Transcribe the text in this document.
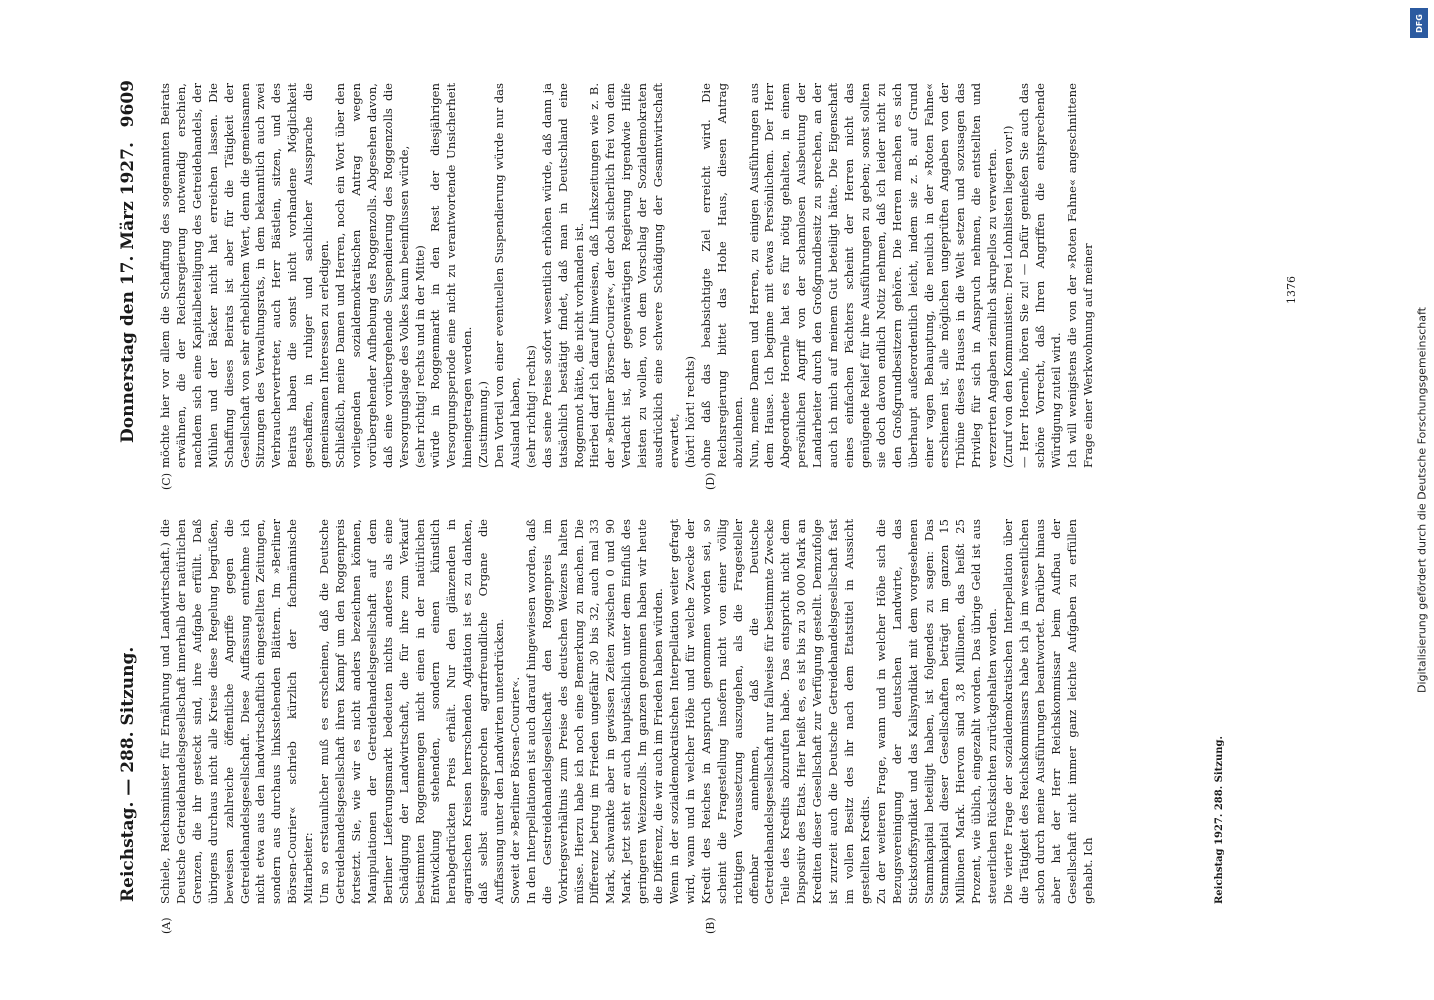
Reichstag. — 288. Sitzung.
Donnerstag den 17. März 1927.
9609
(A)	(B)
(C)	(D)

Schiele, Reichsminister für Ernährung und Landwirtschaft.) die Deutsche Getreidehandelsgesellschaft innerhalb der natürlichen Grenzen, die ihr gesteckt sind, ihre Aufgabe erfüllt. Daß übrigens durchaus nicht alle Kreise diese Regelung begrüßen, beweisen zahlreiche öffentliche Angriffe gegen die Getreidehandelsgesellschaft. Diese Auffassung entnehme ich nicht etwa aus den landwirtschaftlich eingestellten Zeitungen, sondern aus durchaus linksstehenden Blättern. Im »Berliner Börsen-Courier« schrieb kürzlich der fachmännische Mitarbeiter: Um so erstaunlicher muß es erscheinen, daß die Deutsche Getreidehandelsgesellschaft ihren Kampf um den Roggenpreis fortsetzt. Sie, wie wir es nicht anders bezeichnen können, Manipulationen der Getreidehandelsgesellschaft auf dem Berliner Lieferungsmarkt bedeuten nichts anderes als eine Schädigung der Landwirtschaft, die für ihre zum Verkauf bestimmten Roggenmengen nicht einen in der natürlichen Entwicklung stehenden, sondern einen künstlich herabgedrückten Preis erhält. Nur den glänzenden in agrarischen Kreisen herrschenden Agitation ist es zu danken, daß selbst ausgesprochen agrarfreundliche Organe die Auffassung unter den Landwirten unterdrücken. Soweit der »Berliner Börsen-Courier«. In den Interpellationen ist auch darauf hingewiesen worden, daß die Gestreidehandelsgesellschaft den Roggenpreis im Vorkriegsverhältnis zum Preise des deutschen Weizens halten müsse. Hierzu habe ich noch eine Bemerkung zu machen. Die Differenz betrug im Frieden ungefähr 30 bis 32, auch mal 33 Mark, schwankte aber in gewissen Zeiten zwischen 0 und 90 Mark. Jetzt steht er auch hauptsächlich unter dem Einfluß des geringeren Weizenzolls. Im ganzen genommen haben wir heute die Differenz, die wir auch im Frieden haben würden. Wenn in der sozialdemokratischen Interpellation weiter gefragt wird, wann und in welcher Höhe und für welche Zwecke der Kredit des Reiches in Anspruch genommen worden sei, so scheint die Fragestellung insofern nicht von einer völlig richtigen Voraussetzung auszugehen, als die Fragesteller offenbar annehmen, daß die Deutsche Getreidehandelsgesellschaft nur fallweise für bestimmte Zwecke Teile des Kredits abzurufen habe. Das entspricht nicht dem Dispositiv des Etats. Hier heißt es, es ist bis zu 30 000 Mark an Krediten dieser Gesellschaft zur Verfügung gestellt. Demzufolge ist zurzeit auch die Deutsche Getreidehandelsgesellschaft fast im vollen Besitz des ihr nach dem Etatstitel in Aussicht gestellten Kredits. Zu der weiteren Frage, wann und in welcher Höhe sich die Bezugsvereinigung der deutschen Landwirte, das Stickstoffsyndikat und das Kalisyndikat mit dem vorgesehenen Stammkapital beteiligt haben, ist folgendes zu sagen: Das Stammkapital dieser Gesellschaften beträgt im ganzen 15 Millionen Mark. Hiervon sind 3,8 Millionen, das heißt 25 Prozent, wie üblich, eingezahlt worden. Das übrige Geld ist aus steuerlichen Rücksichten zurückgehalten worden. Die vierte Frage der sozialdemokratischen Interpellation über die Tätigkeit des Reichskommissars habe ich ja im wesentlichen schon durch meine Ausführungen beantwortet. Darüber hinaus aber hat der Herr Reichskommissar beim Aufbau der Gesellschaft nicht immer ganz leichte Aufgaben zu erfüllen gehabt. Ich

möchte hier vor allem die Schaffung des sogenannten Beirats erwähnen, die der Reichsregierung notwendig erschien, nachdem sich eine Kapitalbeteiligung des Getreidehandels, der Mühlen und der Bäcker nicht hat erreichen lassen. Die Schaffung dieses Beirats ist aber für die Tätigkeit der Gesellschaft von sehr erheblichem Wert, denn die gemeinsamen Sitzungen des Verwaltungsrats, in dem bekanntlich auch zwei Verbrauchervertreter, auch Herr Bästlein, sitzen, und des Beirats haben die sonst nicht vorhandene Möglichkeit geschaffen, in ruhiger und sachlicher Aussprache die gemeinsamen Interessen zu erledigen. Schließlich, meine Damen und Herren, noch ein Wort über den vorliegenden sozialdemokratischen Antrag wegen vorübergehender Aufhebung des Roggenzolls. Abgesehen davon, daß eine vorübergehende Suspendierung des Roggenzolls die Versorgungslage des Volkes kaum beeinflussen würde, (sehr richtig! rechts und in der Mitte) würde in Roggenmarkt in den Rest der diesjährigen Versorgungsperiode eine nicht zu verantwortende Unsicherheit hineingetragen werden. (Zustimmung.) Den Vorteil von einer eventuellen Suspendierung würde nur das Ausland haben, (sehr richtig! rechts) das seine Preise sofort wesentlich erhöhen würde, daß dann ja tatsächlich bestätigt findet, daß man in Deutschland eine Roggennot hätte, die nicht vorhanden ist. Hierbei darf ich darauf hinweisen, daß Linkszeitungen wie z. B. der »Berliner Börsen-Courier«, der doch sicherlich frei von dem Verdacht ist, der gegenwärtigen Regierung irgendwie Hilfe leisten zu wollen, von dem Vorschlag der Sozialdemokraten ausdrücklich eine schwere Schädigung der Gesamtwirtschaft erwartet, (hört! hört! rechts) ohne daß das beabsichtigte Ziel erreicht wird. Die Reichsregierung bittet das Hohe Haus, diesen Antrag abzulehnen. Nun, meine Damen und Herren, zu einigen Ausführungen aus dem Hause. Ich beginne mit etwas Persönlichem. Der Herr Abgeordnete Hoernle hat es für nötig gehalten, in einem persönlichen Angriff von der schamlosen Ausbeutung der Landarbeiter durch den Großgrundbesitz zu sprechen, an der auch ich mich auf meinem Gut beteiligt hätte. Die Eigenschaft eines einfachen Pächters scheint der Herren nicht das genügende Relief für ihre Ausführungen zu geben; sonst sollten sie doch davon endlich Notiz nehmen, daß ich leider nicht zu den Großgrundbesitzern gehöre. Die Herren machen es sich überhaupt außerordentlich leicht, indem sie z. B. auf Grund einer vagen Behauptung, die neulich in der »Roten Fahne« erschienen ist, alle möglichen ungeprüften Angaben von der Tribüne dieses Hauses in die Welt setzen und sozusagen das Privileg für sich in Anspruch nehmen, die entstellten und verzerrten Angaben ziemlich skrupellos zu verwerten. (Zuruf von den Kommunisten: Drei Lohnlisten liegen vor!) — Herr Hoernle, hören Sie zu! — Dafür genießen Sie auch das schöne Vorrecht, daß Ihren Angriffen die entsprechende Würdigung zuteil wird. Ich will wenigstens die von der »Roten Fahne« angeschnittene Frage einer Werkwohnung auf meiner

Reichstag 1927. 288. Sitzung.
1376
Digitalisierung gefördert durch die Deutsche Forschungsgemeinschaft
DFG
